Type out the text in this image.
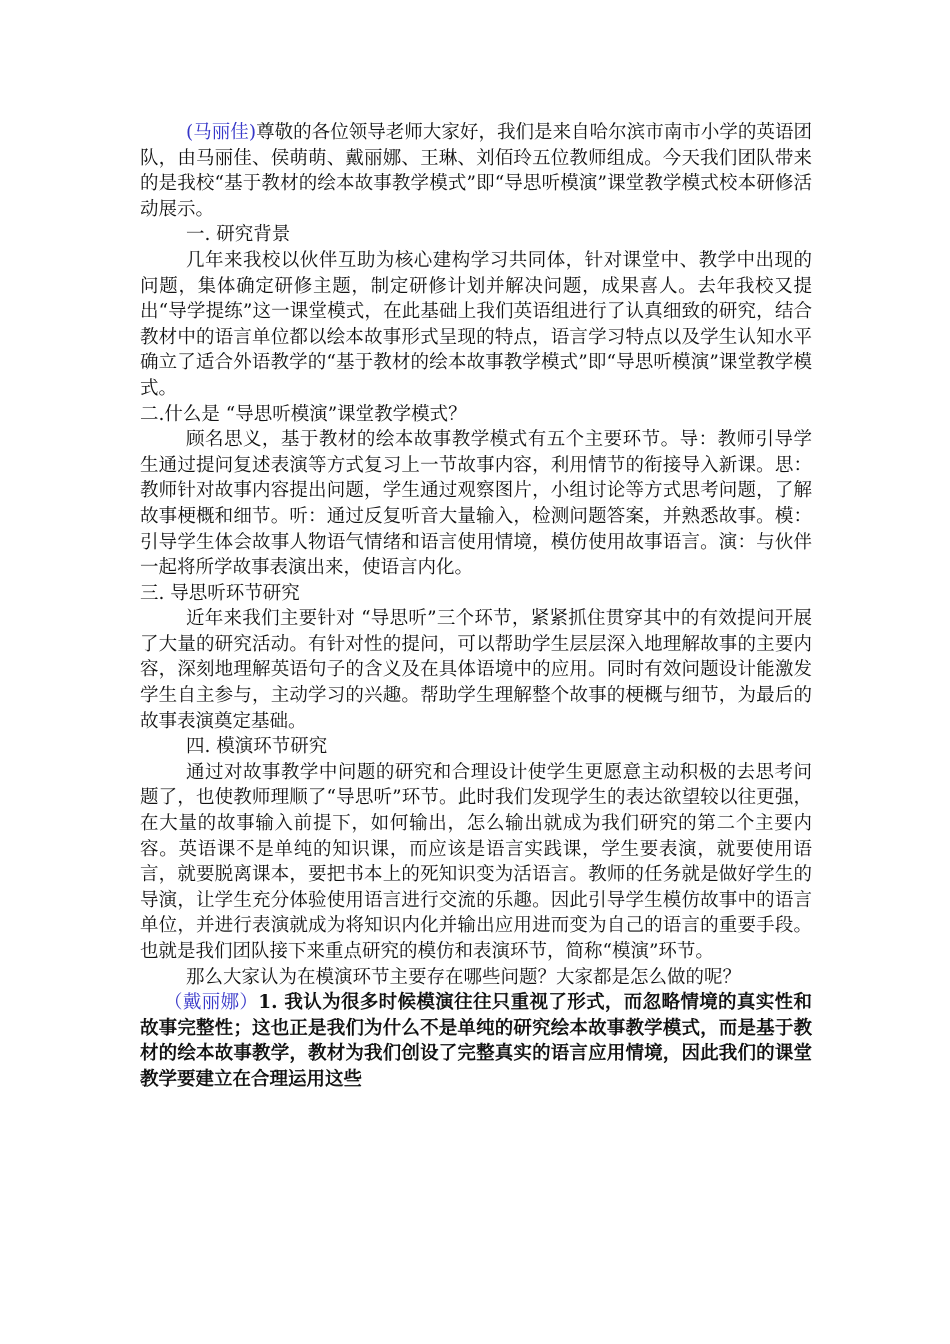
(马丽佳)尊敬的各位领导老师大家好，我们是来自哈尔滨市南市小学的英语团队，由马丽佳、侯萌萌、戴丽娜、王琳、刘佰玲五位教师组成。今天我们团队带来的是我校“基于教材的绘本故事教学模式”即“导思听模演”课堂教学模式校本研修活动展示。

一. 研究背景

几年来我校以伙伴互助为核心建构学习共同体，针对课堂中、教学中出现的问题，集体确定研修主题，制定研修计划并解决问题，成果喜人。去年我校又提出“导学提练”这一课堂模式，在此基础上我们英语组进行了认真细致的研究，结合教材中的语言单位都以绘本故事形式呈现的特点，语言学习特点以及学生认知水平确立了适合外语教学的“基于教材的绘本故事教学模式”即“导思听模演”课堂教学模式。

二.什么是 “导思听模演”课堂教学模式？

顾名思义，基于教材的绘本故事教学模式有五个主要环节。导：教师引导学生通过提问复述表演等方式复习上一节故事内容，利用情节的衔接导入新课。思：教师针对故事内容提出问题，学生通过观察图片，小组讨论等方式思考问题，了解故事梗概和细节。听：通过反复听音大量输入，检测问题答案，并熟悉故事。模：引导学生体会故事人物语气情绪和语言使用情境，模仿使用故事语言。演：与伙伴一起将所学故事表演出来，使语言内化。

三. 导思听环节研究

近年来我们主要针对 “导思听”三个环节，紧紧抓住贯穿其中的有效提问开展了大量的研究活动。有针对性的提问，可以帮助学生层层深入地理解故事的主要内容，深刻地理解英语句子的含义及在具体语境中的应用。同时有效问题设计能激发学生自主参与，主动学习的兴趣。帮助学生理解整个故事的梗概与细节，为最后的故事表演奠定基础。

四. 模演环节研究

通过对故事教学中问题的研究和合理设计使学生更愿意主动积极的去思考问题了，也使教师理顺了“导思听”环节。此时我们发现学生的表达欲望较以往更强，在大量的故事输入前提下，如何输出，怎么输出就成为我们研究的第二个主要内容。英语课不是单纯的知识课，而应该是语言实践课，学生要表演，就要使用语言，就要脱离课本，要把书本上的死知识变为活语言。教师的任务就是做好学生的导演，让学生充分体验使用语言进行交流的乐趣。因此引导学生模仿故事中的语言单位，并进行表演就成为将知识内化并输出应用进而变为自己的语言的重要手段。也就是我们团队接下来重点研究的模仿和表演环节，简称“模演”环节。

那么大家认为在模演环节主要存在哪些问题？大家都是怎么做的呢？

（戴丽娜）1. 我认为很多时候模演往往只重视了形式，而忽略情境的真实性和故事完整性；这也正是我们为什么不是单纯的研究绘本故事教学模式，而是基于教材的绘本故事教学，教材为我们创设了完整真实的语言应用情境，因此我们的课堂教学要建立在合理运用这些
